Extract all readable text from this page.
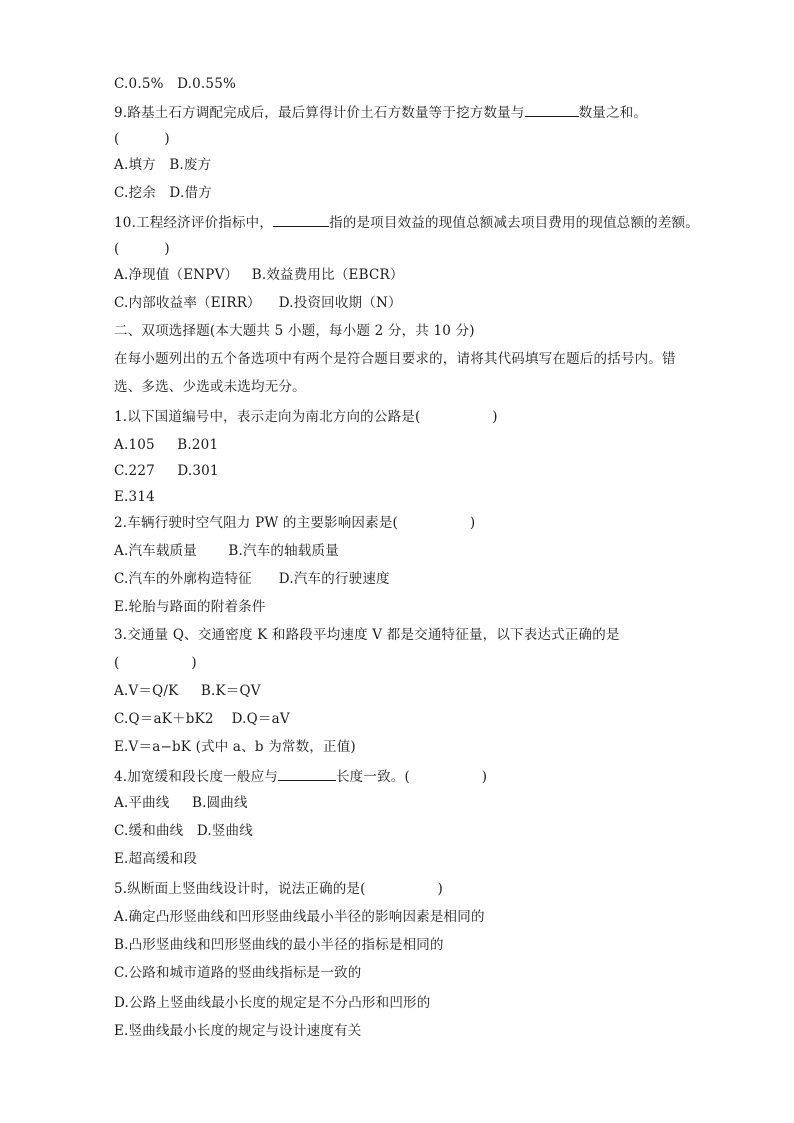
C.0.5%   D.0.55%
9.路基土石方调配完成后，最后算得计价土石方数量等于挖方数量与	数量之和。
(          )
A.填方   B.废方
C.挖余   D.借方
10.工程经济评价指标中，	指的是项目效益的现值总额减去项目费用的现值总额的差额。
(          )
A.净现值（ENPV）   B.效益费用比（EBCR）
C.内部收益率（EIRR）    D.投资回收期（N）
二、双项选择题(本大题共 5 小题，每小题 2 分，共 10 分)
在每小题列出的五个备选项中有两个是符合题目要求的，请将其代码填写在题后的括号内。错
选、多选、少选或未选均无分。
1.以下国道编号中，表示走向为南北方向的公路是(                )
A.105     B.201
C.227     D.301
E.314
2.车辆行驶时空气阻力 PW 的主要影响因素是(                )
A.汽车载质量       B.汽车的轴载质量
C.汽车的外廓构造特征      D.汽车的行驶速度
E.轮胎与路面的附着条件
3.交通量 Q、交通密度 K 和路段平均速度 V 都是交通特征量，以下表达式正确的是
(                )
A.V＝Q/K     B.K＝QV
C.Q＝aK＋bK2    D.Q＝aV
E.V＝a−bK (式中 a、b 为常数，正值)
4.加宽缓和段长度一般应与	长度一致。(                )
A.平曲线     B.圆曲线
C.缓和曲线   D.竖曲线
E.超高缓和段
5.纵断面上竖曲线设计时，说法正确的是(                )
A.确定凸形竖曲线和凹形竖曲线最小半径的影响因素是相同的
B.凸形竖曲线和凹形竖曲线的最小半径的指标是相同的
C.公路和城市道路的竖曲线指标是一致的
D.公路上竖曲线最小长度的规定是不分凸形和凹形的
E.竖曲线最小长度的规定与设计速度有关
